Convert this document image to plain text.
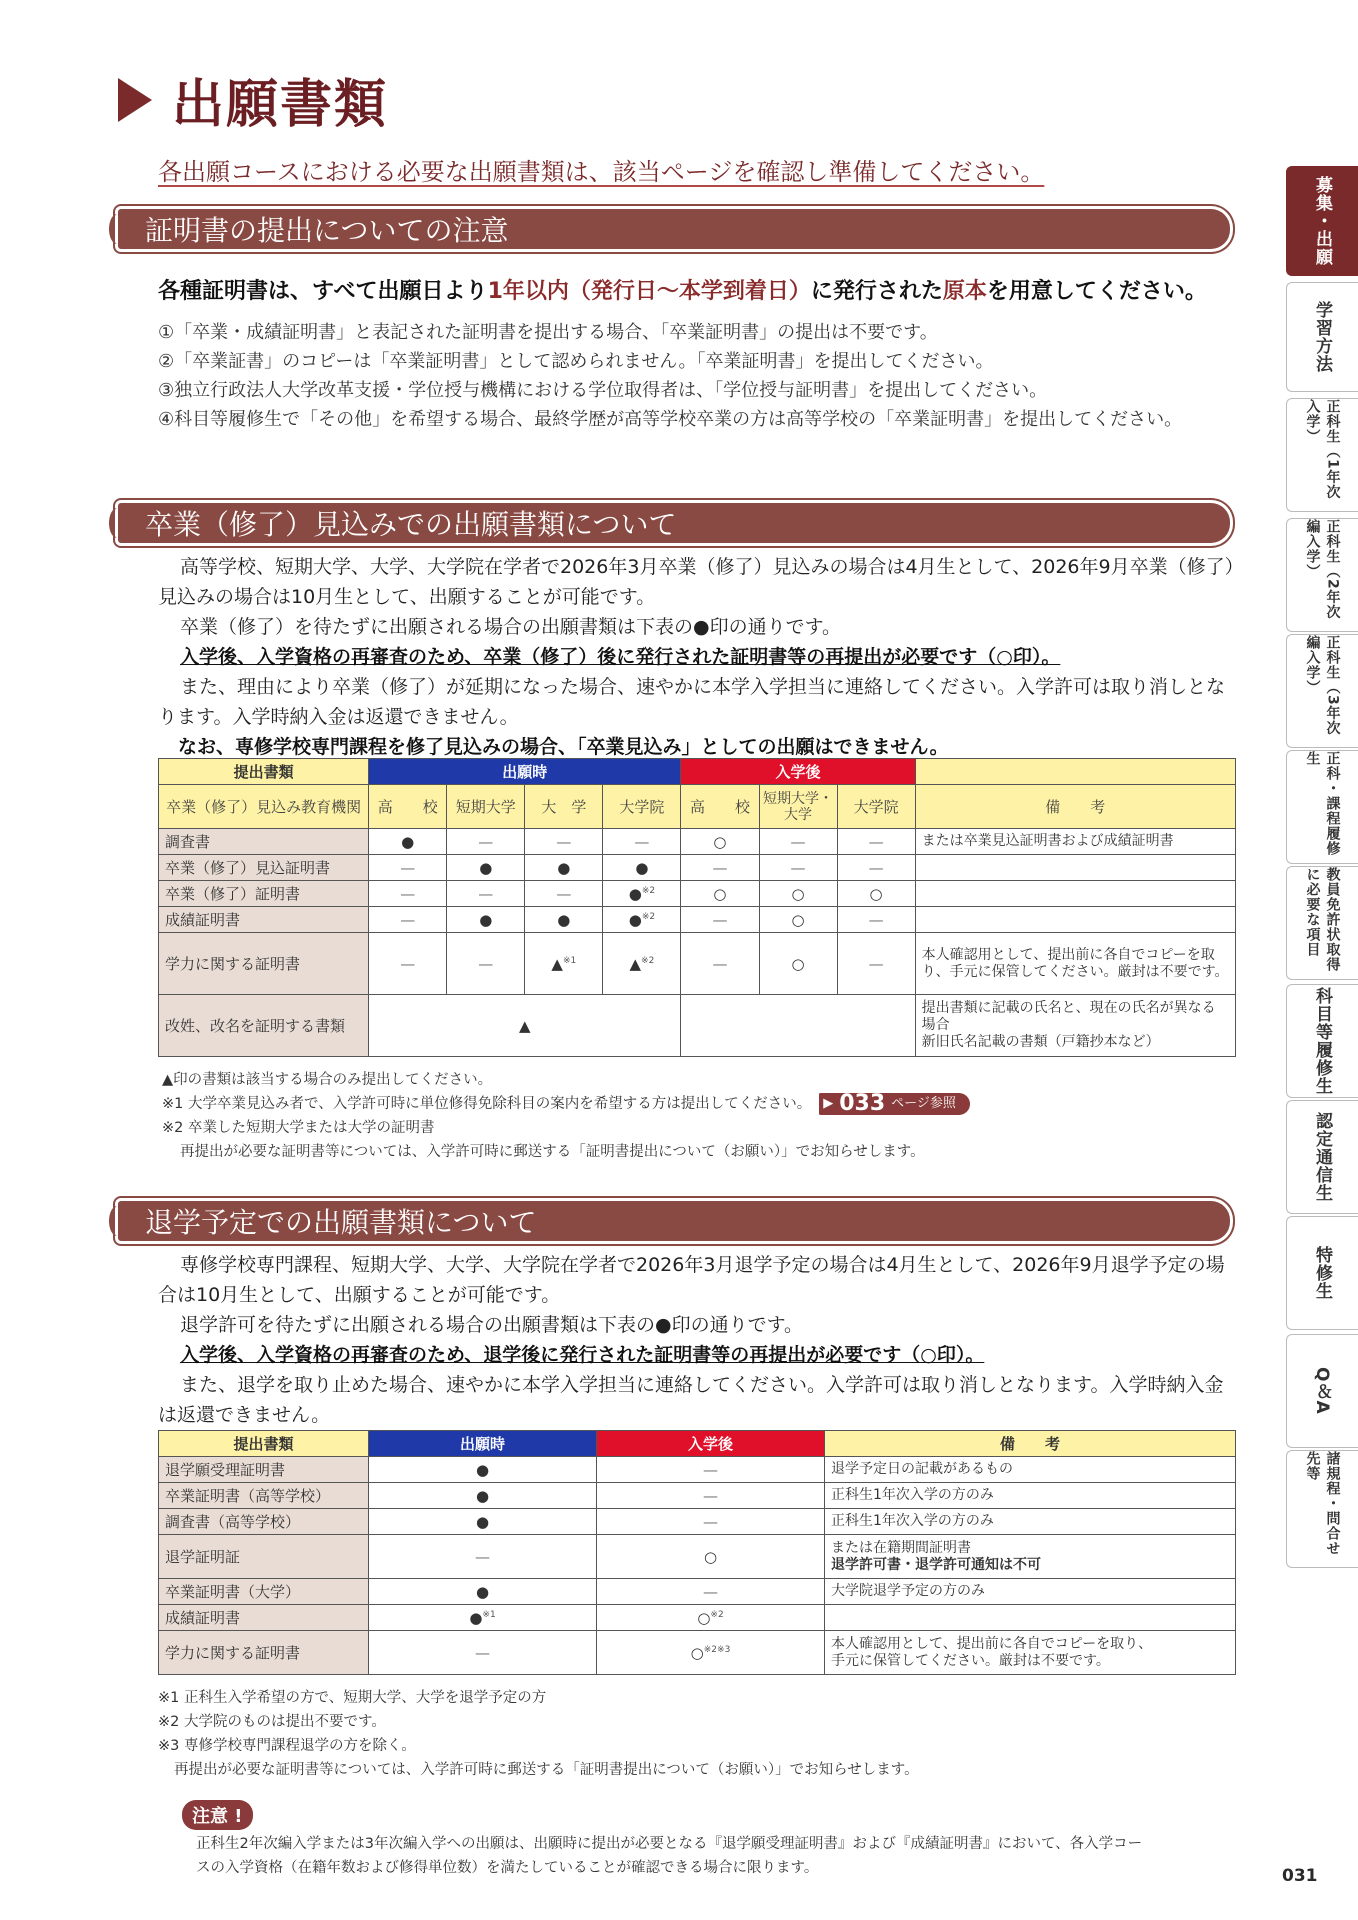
出願書類
各出願コースにおける必要な出願書類は、該当ページを確認し準備してください。
証明書の提出についての注意
各種証明書は、すべて出願日より1年以内（発行日〜本学到着日）に発行された原本を用意してください。
①「卒業・成績証明書」と表記された証明書を提出する場合、「卒業証明書」の提出は不要です。
②「卒業証書」のコピーは「卒業証明書」として認められません。「卒業証明書」を提出してください。
③独立行政法人大学改革支援・学位授与機構における学位取得者は、「学位授与証明書」を提出してください。
④科目等履修生で「その他」を希望する場合、最終学歴が高等学校卒業の方は高等学校の「卒業証明書」を提出してください。
卒業（修了）見込みでの出願書類について
高等学校、短期大学、大学、大学院在学者で2026年3月卒業（修了）見込みの場合は4月生として、2026年9月卒業（修了）見込みの場合は10月生として、出願することが可能です。
卒業（修了）を待たずに出願される場合の出願書類は下表の●印の通りです。
入学後、入学資格の再審査のため、卒業（修了）後に発行された証明書等の再提出が必要です（○印）。
また、理由により卒業（修了）が延期になった場合、速やかに本学入学担当に連絡してください。入学許可は取り消しとなります。入学時納入金は返還できません。
なお、専修学校専門課程を修了見込みの場合、「卒業見込み」としての出願はできません。
提出書類	出願時				入学後			
卒業（修了）見込み教育機関	高　　校	短期大学	大　学	大学院	高　　校	短期大学・大学	大学院	備　　考
調査書	●	—	—	—	○	—	—	または卒業見込証明書および成績証明書
卒業（修了）見込証明書	—	●	●	●	—	—	—	
卒業（修了）証明書	—	—	—	●$^{※2}$	○	○	○	
成績証明書	—	●	●	●$^{※2}$	—	○	—	
学力に関する証明書	—	—	▲$^{※1}$	▲$^{※2}$	—	○	—	本人確認用として、提出前に各自でコピーを取り、手元に保管してください。厳封は不要です。
改姓、改名を証明する書類	▲							提出書類に記載の氏名と、現在の氏名が異なる場合
新旧氏名記載の書類（戸籍抄本など）
▲印の書類は該当する場合のみ提出してください。
※1 大学卒業見込み者で、入学許可時に単位修得免除科目の案内を希望する方は提出してください。 ▶ 033 ページ参照
※2 卒業した短期大学または大学の証明書
再提出が必要な証明書等については、入学許可時に郵送する「証明書提出について（お願い）」でお知らせします。
退学予定での出願書類について
専修学校専門課程、短期大学、大学、大学院在学者で2026年3月退学予定の場合は4月生として、2026年9月退学予定の場合は10月生として、出願することが可能です。
退学許可を待たずに出願される場合の出願書類は下表の●印の通りです。
入学後、入学資格の再審査のため、退学後に発行された証明書等の再提出が必要です（○印）。
また、退学を取り止めた場合、速やかに本学入学担当に連絡してください。入学許可は取り消しとなります。入学時納入金は返還できません。
提出書類	出願時	入学後	備　　考
退学願受理証明書	●	—	退学予定日の記載があるもの

卒業証明書（高等学校）	●	—	正科生1年次入学の方のみ

調査書（高等学校）	●	—	正科生1年次入学の方のみ

退学証明証	—	○	または在籍期間証明書
退学許可書・退学許可通知は不可

卒業証明書（大学）	●	—	大学院退学予定の方のみ

成績証明書	●$^{※1}$	○$^{※2}$	

学力に関する証明書	—	○$^{※2※3}$	本人確認用として、提出前に各自でコピーを取り、
手元に保管してください。厳封は不要です。
※1 正科生入学希望の方で、短期大学、大学を退学予定の方
※2 大学院のものは提出不要です。
※3 専修学校専門課程退学の方を除く。
再提出が必要な証明書等については、入学許可時に郵送する「証明書提出について（お願い）」でお知らせします。
注意 !
正科生2年次編入学または3年次編入学への出願は、出願時に提出が必要となる『退学願受理証明書』および『成績証明書』において、各入学コー
スの入学資格（在籍年数および修得単位数）を満たしていることが確認できる場合に限ります。
募集・出願
学習方法
正科生（1年次入学）
正科生（2年次編入学）
正科生（3年次編入学）
正科・課程履修生
教員免許状取得に必要な項目
科目等履修生
認定通信生
特修生
Q＆A
諸規程・問合せ先等
031
